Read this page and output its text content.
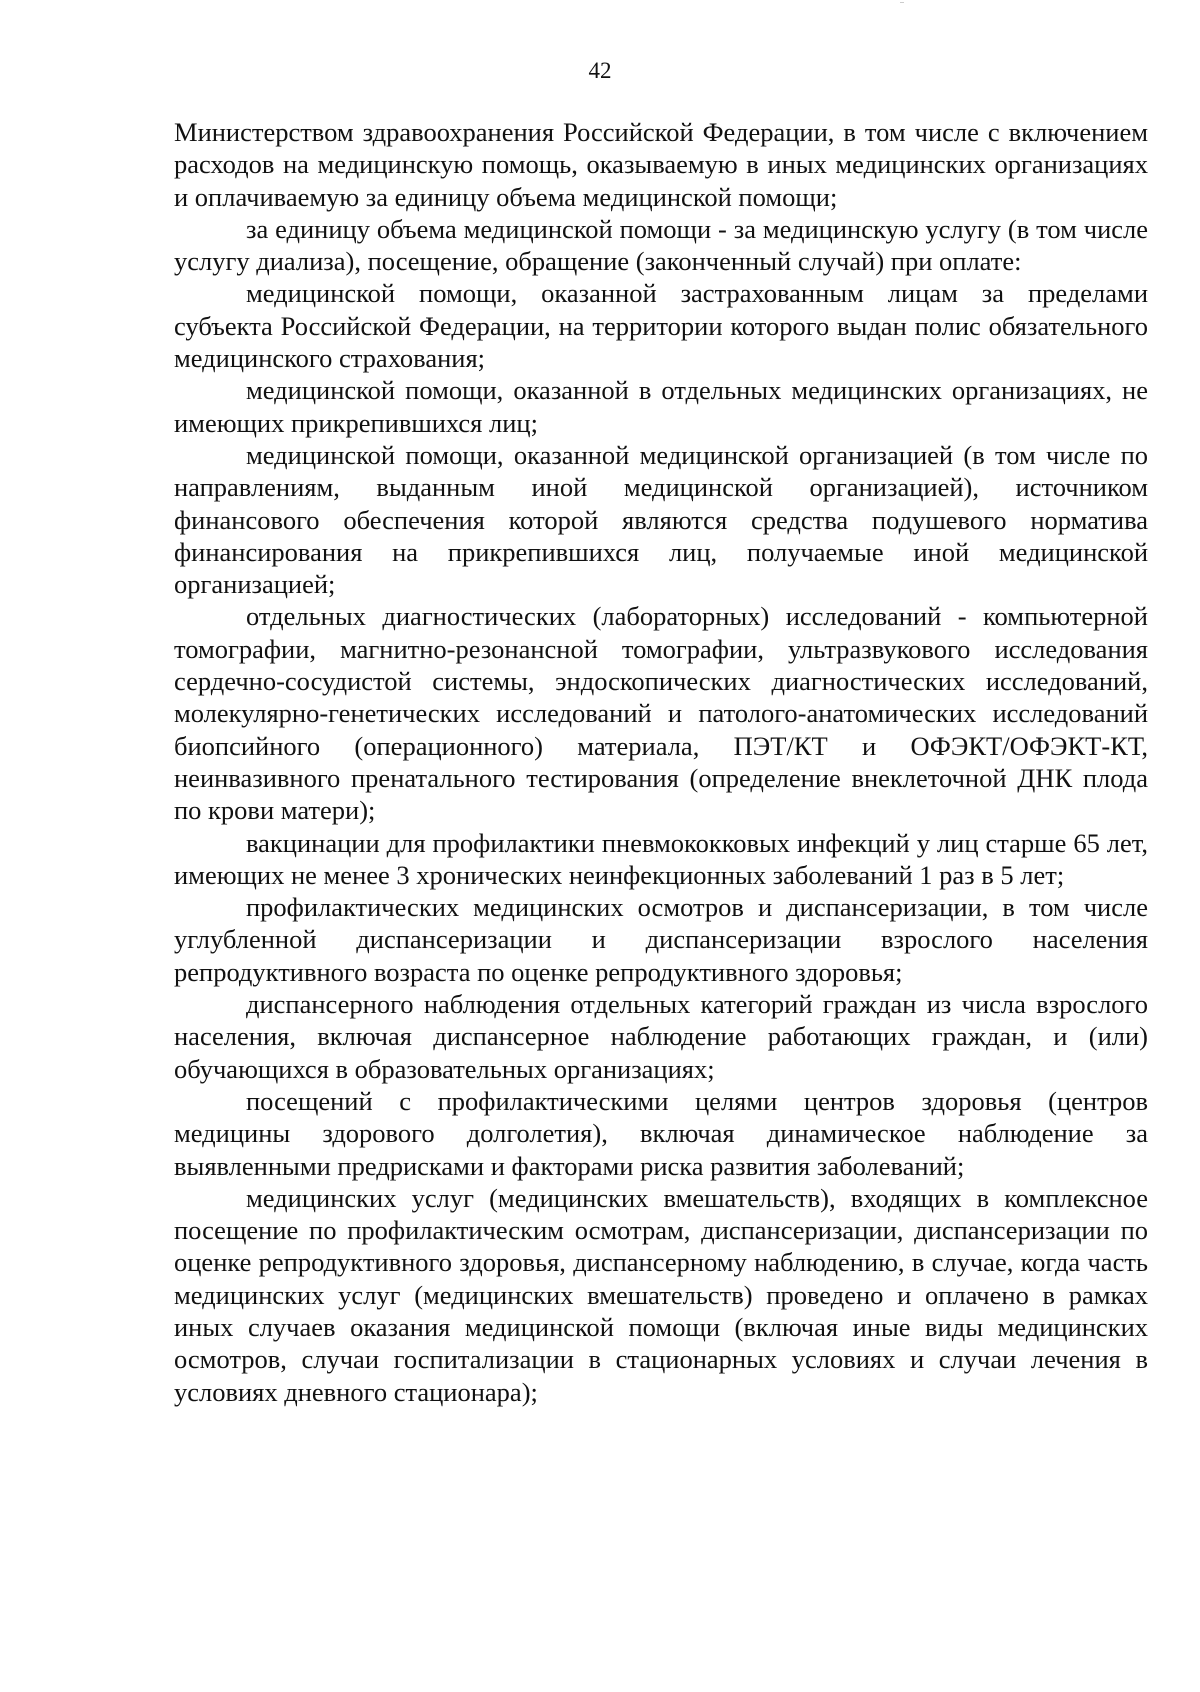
42

Министерством здравоохранения Российской Федерации, в том числе с включением расходов на медицинскую помощь, оказываемую в иных медицинских организациях и оплачиваемую за единицу объема медицинской помощи;

за единицу объема медицинской помощи - за медицинскую услугу (в том числе услугу диализа), посещение, обращение (законченный случай) при оплате:

медицинской помощи, оказанной застрахованным лицам за пределами субъекта Российской Федерации, на территории которого выдан полис обязательного медицинского страхования;

медицинской помощи, оказанной в отдельных медицинских организациях, не имеющих прикрепившихся лиц;

медицинской помощи, оказанной медицинской организацией (в том числе по направлениям, выданным иной медицинской организацией), источником финансового обеспечения которой являются средства подушевого норматива финансирования на прикрепившихся лиц, получаемые иной медицинской организацией;

отдельных диагностических (лабораторных) исследований - компьютерной томографии, магнитно-резонансной томографии, ультразвукового исследования сердечно-сосудистой системы, эндоскопических диагностических исследований, молекулярно-генетических исследований и патолого-анатомических исследований биопсийного (операционного) материала, ПЭТ/КТ и ОФЭКТ/ОФЭКТ-КТ, неинвазивного пренатального тестирования (определение внеклеточной ДНК плода по крови матери);

вакцинации для профилактики пневмококковых инфекций у лиц старше 65 лет, имеющих не менее 3 хронических неинфекционных заболеваний 1 раз в 5 лет;

профилактических медицинских осмотров и диспансеризации, в том числе углубленной диспансеризации и диспансеризации взрослого населения репродуктивного возраста по оценке репродуктивного здоровья;

диспансерного наблюдения отдельных категорий граждан из числа взрослого населения, включая диспансерное наблюдение работающих граждан, и (или) обучающихся в образовательных организациях;

посещений с профилактическими целями центров здоровья (центров медицины здорового долголетия), включая динамическое наблюдение за выявленными предрисками и факторами риска развития заболеваний;

медицинских услуг (медицинских вмешательств), входящих в комплексное посещение по профилактическим осмотрам, диспансеризации, диспансеризации по оценке репродуктивного здоровья, диспансерному наблюдению, в случае, когда часть медицинских услуг (медицинских вмешательств) проведено и оплачено в рамках иных случаев оказания медицинской помощи (включая иные виды медицинских осмотров, случаи госпитализации в стационарных условиях и случаи лечения в условиях дневного стационара);
